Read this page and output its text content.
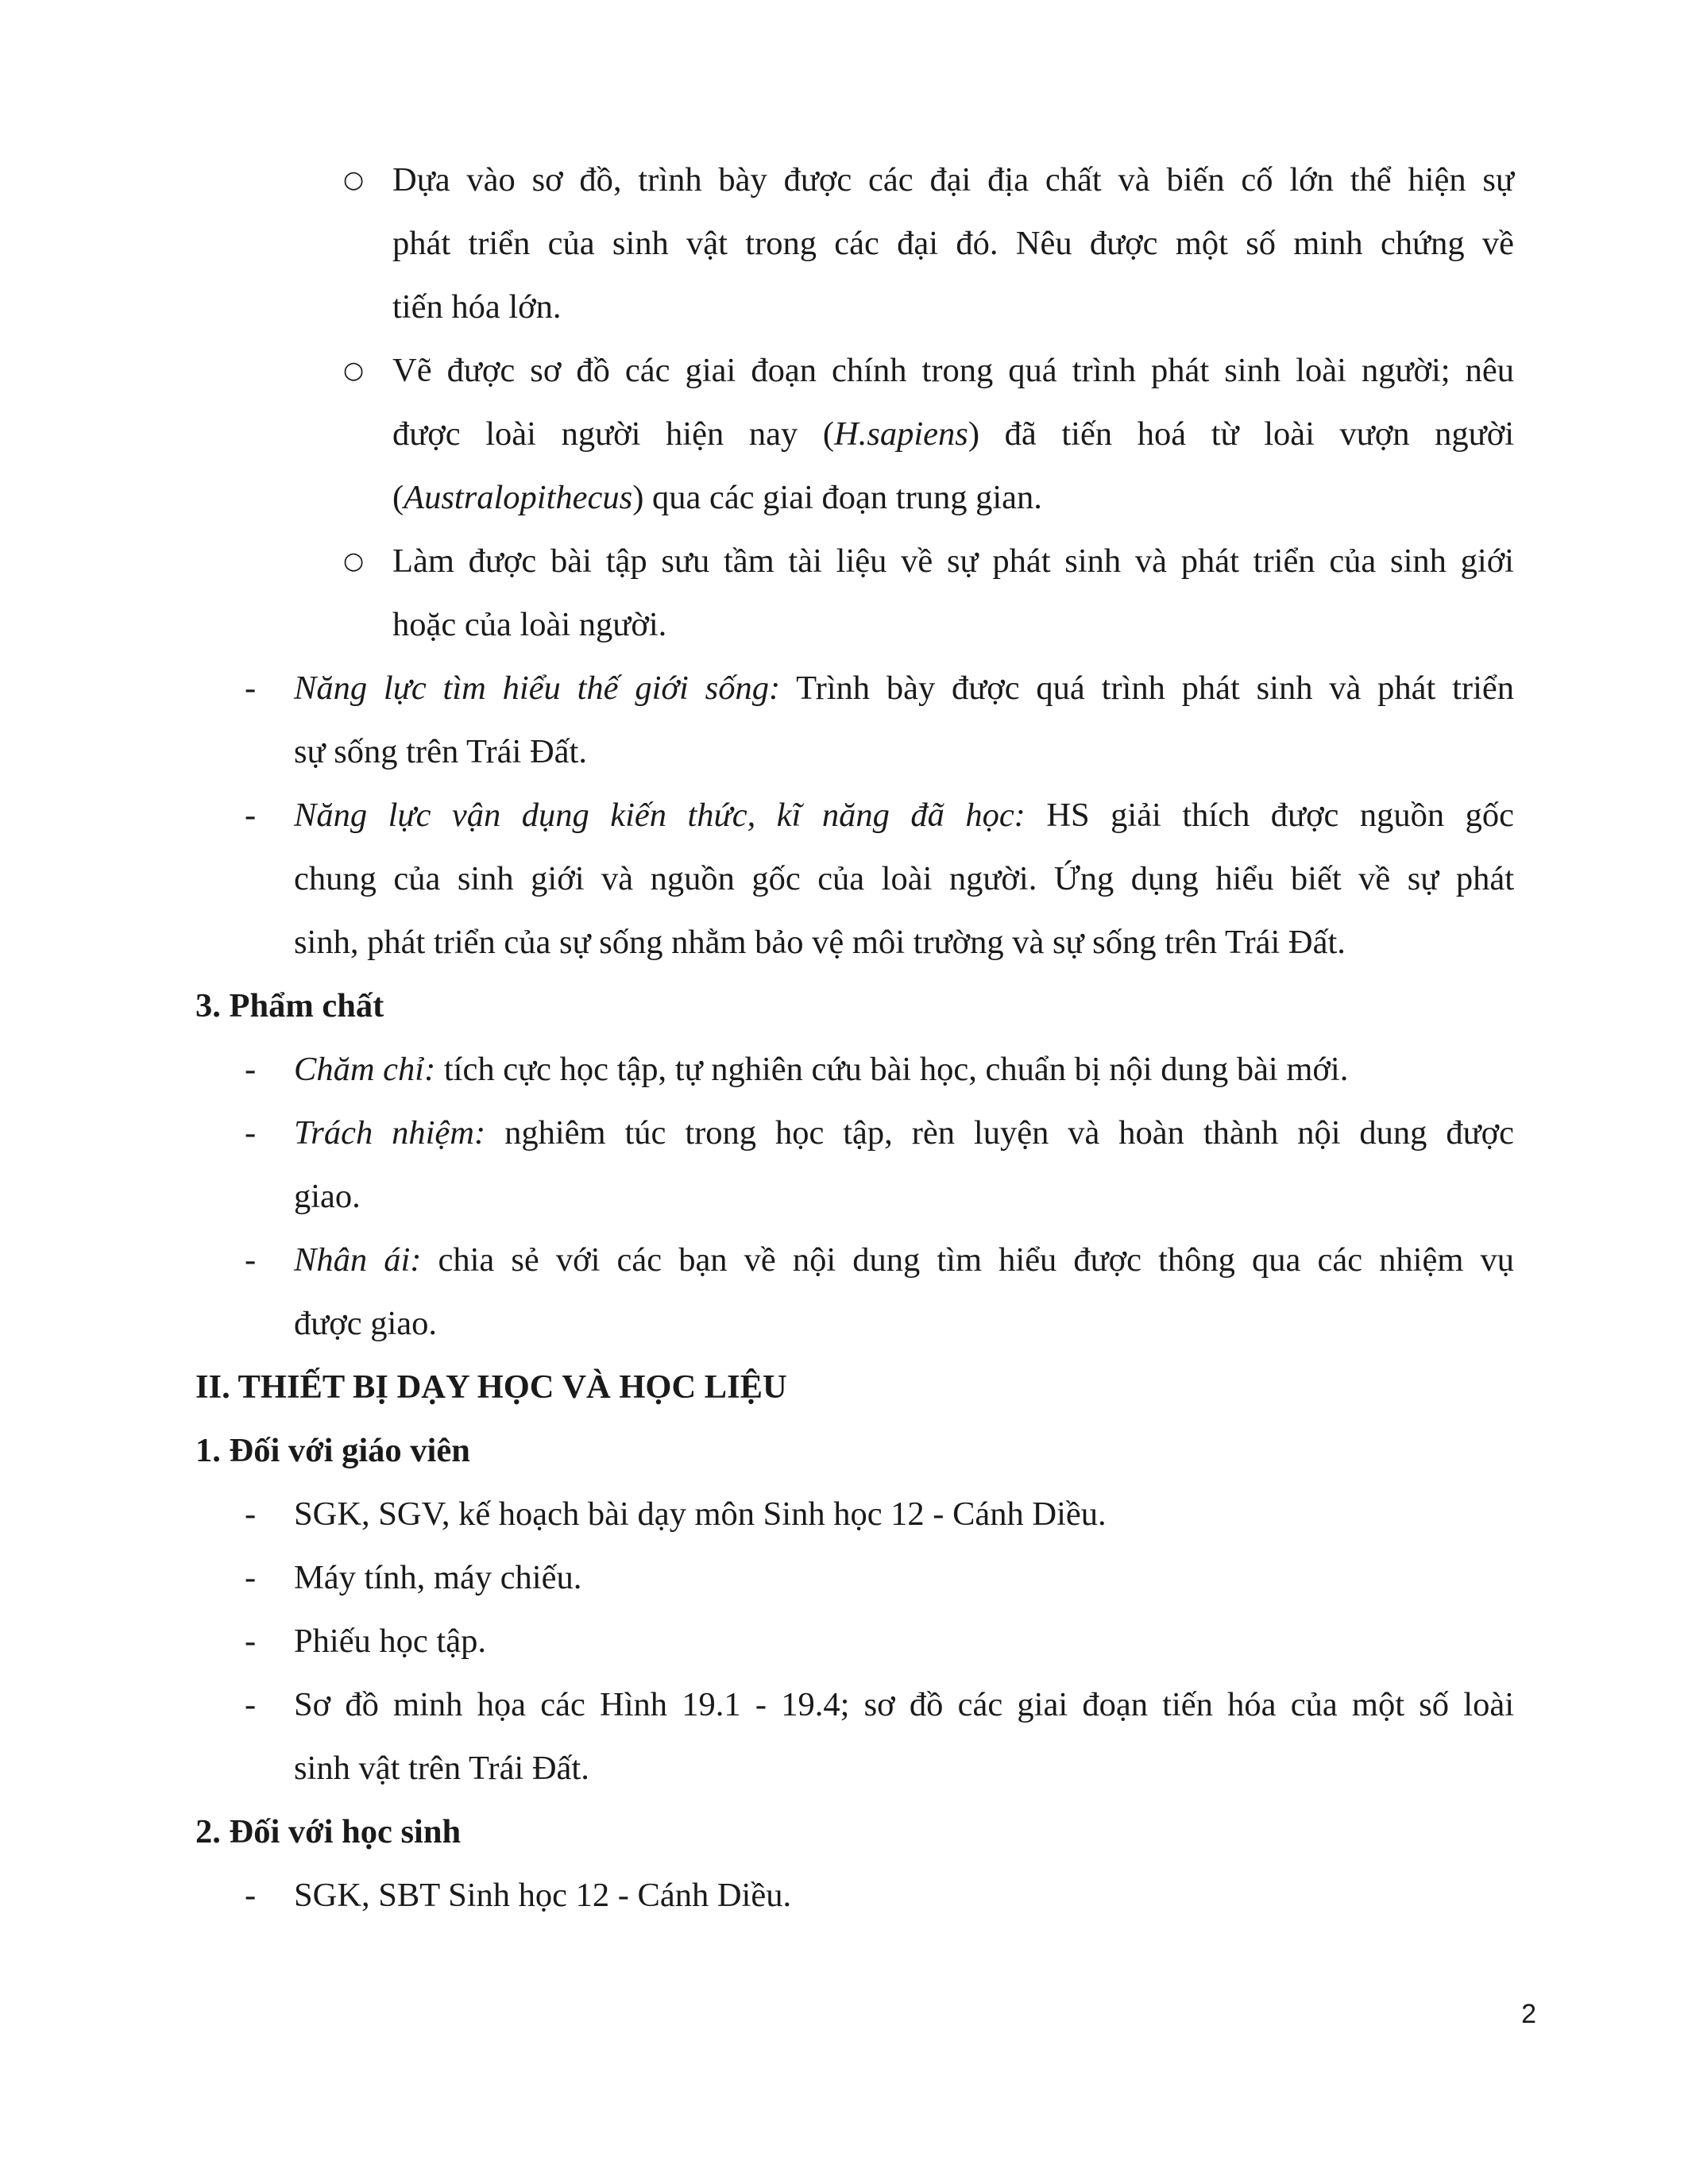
○ Dựa vào sơ đồ, trình bày được các đại địa chất và biến cố lớn thể hiện sự
phát triển của sinh vật trong các đại đó. Nêu được một số minh chứng về
tiến hóa lớn.
○ Vẽ được sơ đồ các giai đoạn chính trong quá trình phát sinh loài người; nêu
được loài người hiện nay (H.sapiens) đã tiến hoá từ loài vượn người
(Australopithecus) qua các giai đoạn trung gian.
○ Làm được bài tập sưu tầm tài liệu về sự phát sinh và phát triển của sinh giới
hoặc của loài người.
- Năng lực tìm hiểu thế giới sống: Trình bày được quá trình phát sinh và phát triển
sự sống trên Trái Đất.
- Năng lực vận dụng kiến thức, kĩ năng đã học: HS giải thích được nguồn gốc
chung của sinh giới và nguồn gốc của loài người. Ứng dụng hiểu biết về sự phát
sinh, phát triển của sự sống nhằm bảo vệ môi trường và sự sống trên Trái Đất.
3. Phẩm chất
- Chăm chỉ: tích cực học tập, tự nghiên cứu bài học, chuẩn bị nội dung bài mới.
- Trách nhiệm: nghiêm túc trong học tập, rèn luyện và hoàn thành nội dung được
giao.
- Nhân ái: chia sẻ với các bạn về nội dung tìm hiểu được thông qua các nhiệm vụ
được giao.
II. THIẾT BỊ DẠY HỌC VÀ HỌC LIỆU
1. Đối với giáo viên
- SGK, SGV, kế hoạch bài dạy môn Sinh học 12 - Cánh Diều.
- Máy tính, máy chiếu.
- Phiếu học tập.
- Sơ đồ minh họa các Hình 19.1 - 19.4; sơ đồ các giai đoạn tiến hóa của một số loài
sinh vật trên Trái Đất.
2. Đối với học sinh
- SGK, SBT Sinh học 12 - Cánh Diều.
2
